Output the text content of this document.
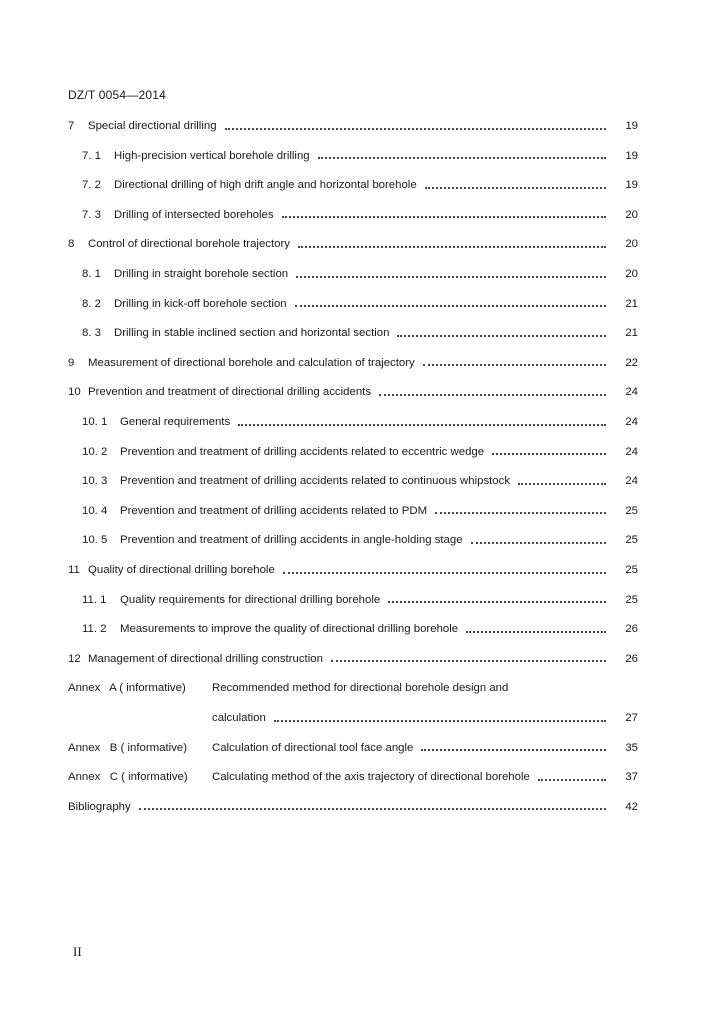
DZ/T 0054—2014
7	Special directional drilling	19
7. 1	High-precision vertical borehole drilling	19
7. 2	Directional drilling of high drift angle and horizontal borehole	19
7. 3	Drilling of intersected boreholes	20
8	Control of directional borehole trajectory	20
8. 1	Drilling in straight borehole section	20
8. 2	Drilling in kick-off borehole section	21
8. 3	Drilling in stable inclined section and horizontal section	21
9	Measurement of directional borehole and calculation of trajectory	22
10 Prevention and treatment of directional drilling accidents	24
10. 1	General requirements	24
10. 2	Prevention and treatment of drilling accidents related to eccentric wedge	24
10. 3	Prevention and treatment of drilling accidents related to continuous whipstock	24
10. 4	Prevention and treatment of drilling accidents related to PDM	25
10. 5	Prevention and treatment of drilling accidents in angle-holding stage	25
11 Quality of directional drilling borehole	25
11. 1	Quality requirements for directional drilling borehole	25
11. 2	Measurements to improve the quality of directional drilling borehole	26
12 Management of directional drilling construction	26
Annex   A ( informative)	Recommended method for directional borehole design and
calculation	27
Annex   B ( informative)	Calculation of directional tool face angle	35
Annex   C ( informative)	Calculating method of the axis trajectory of directional borehole	37
Bibliography	42
II
